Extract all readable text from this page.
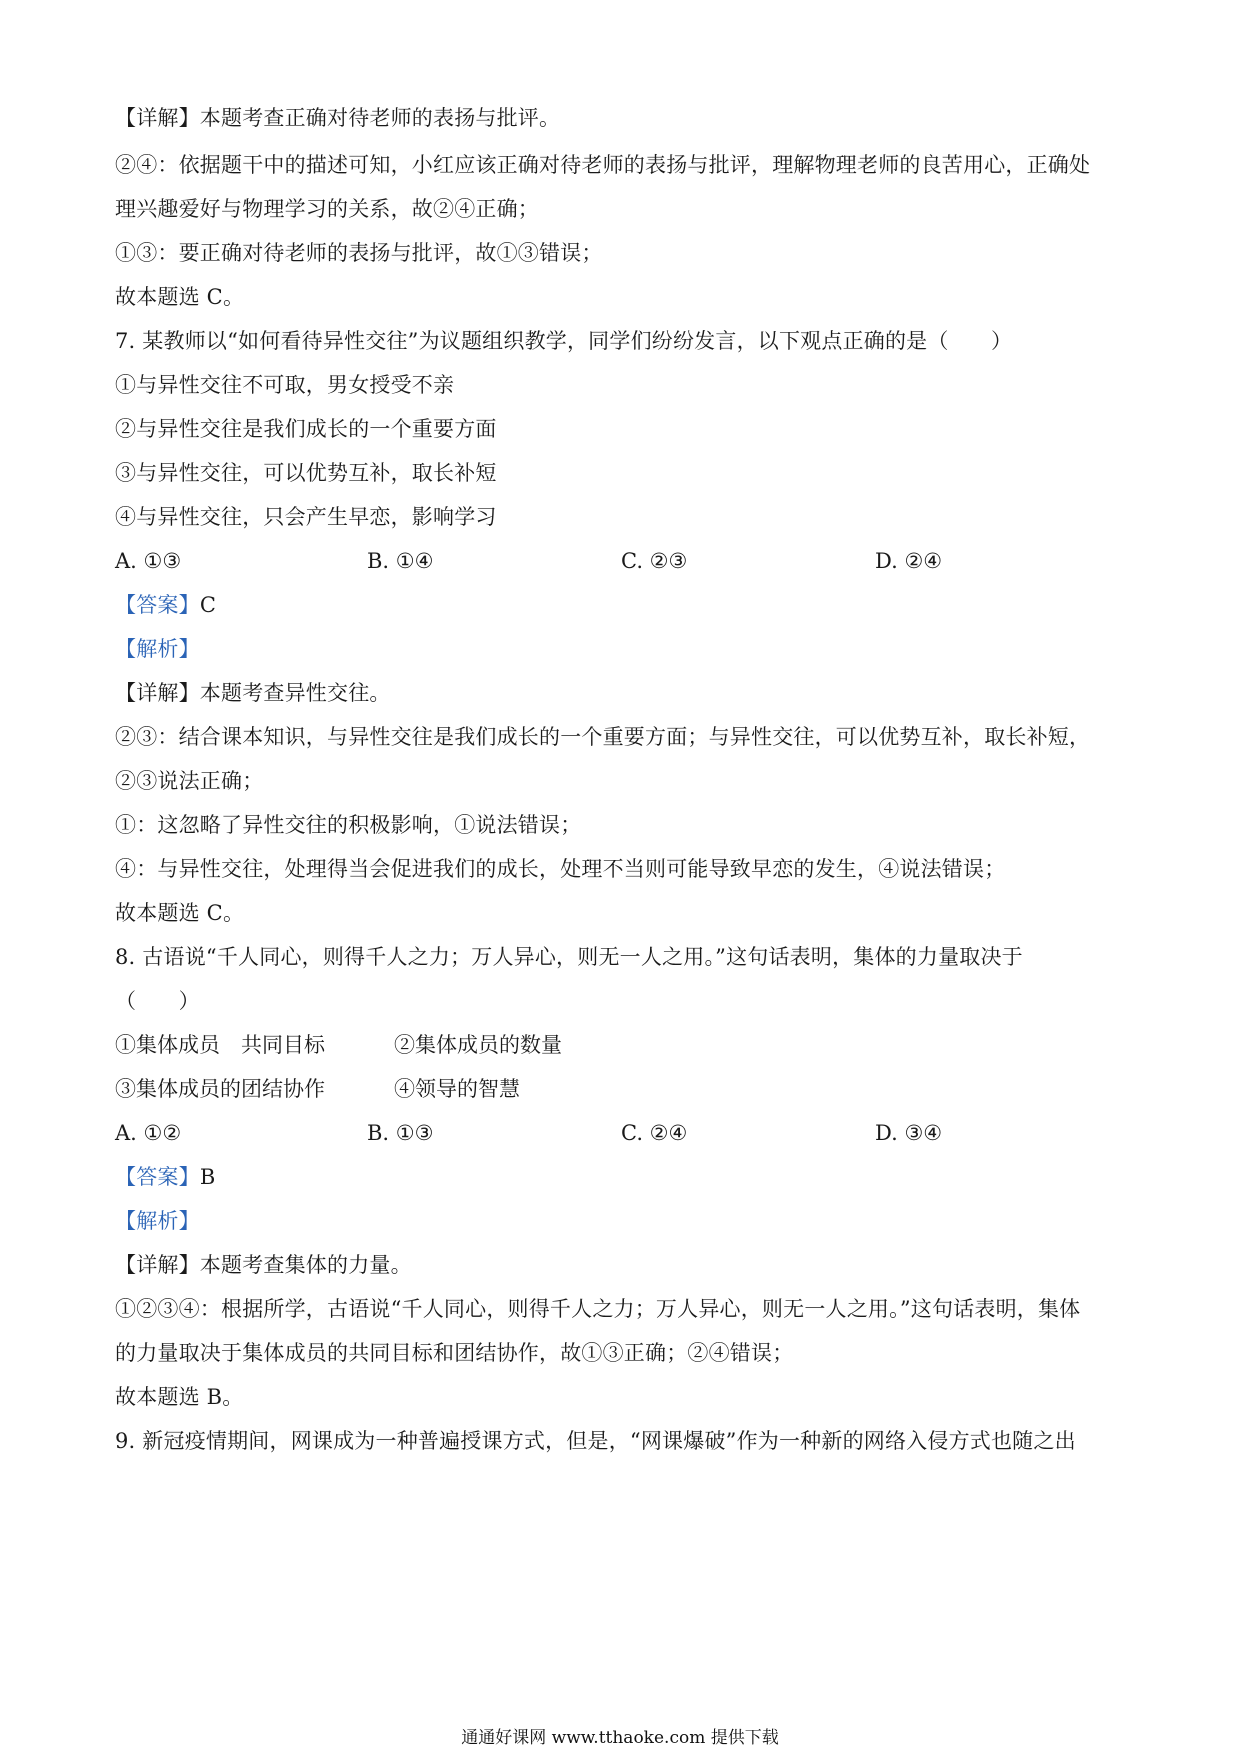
【详解】本题考查正确对待老师的表扬与批评。
②④：依据题干中的描述可知，小红应该正确对待老师的表扬与批评，理解物理老师的良苦用心，正确处
理兴趣爱好与物理学习的关系，故②④正确；
①③：要正确对待老师的表扬与批评，故①③错误；
故本题选 C。
7. 某教师以“如何看待异性交往”为议题组织教学，同学们纷纷发言，以下观点正确的是（　　）
①与异性交往不可取，男女授受不亲
②与异性交往是我们成长的一个重要方面
③与异性交往，可以优势互补，取长补短
④与异性交往，只会产生早恋，影响学习
A. ①③	B. ①④	C. ②③	D. ②④
【答案】C
【解析】
【详解】本题考查异性交往。
②③：结合课本知识，与异性交往是我们成长的一个重要方面；与异性交往，可以优势互补，取长补短，
②③说法正确；
①：这忽略了异性交往的积极影响，①说法错误；
④：与异性交往，处理得当会促进我们的成长，处理不当则可能导致早恋的发生，④说法错误；
故本题选 C。
8. 古语说“千人同心，则得千人之力；万人异心，则无一人之用。”这句话表明，集体的力量取决于
（　　）
①集体成员　共同目标	②集体成员的数量
③集体成员的团结协作	④领导的智慧
A. ①②	B. ①③	C. ②④	D. ③④
【答案】B
【解析】
【详解】本题考查集体的力量。
①②③④：根据所学，古语说“千人同心，则得千人之力；万人异心，则无一人之用。”这句话表明，集体
的力量取决于集体成员的共同目标和团结协作，故①③正确；②④错误；
故本题选 B。
9. 新冠疫情期间，网课成为一种普遍授课方式，但是，“网课爆破”作为一种新的网络入侵方式也随之出
通通好课网 www.tthaoke.com 提供下载
